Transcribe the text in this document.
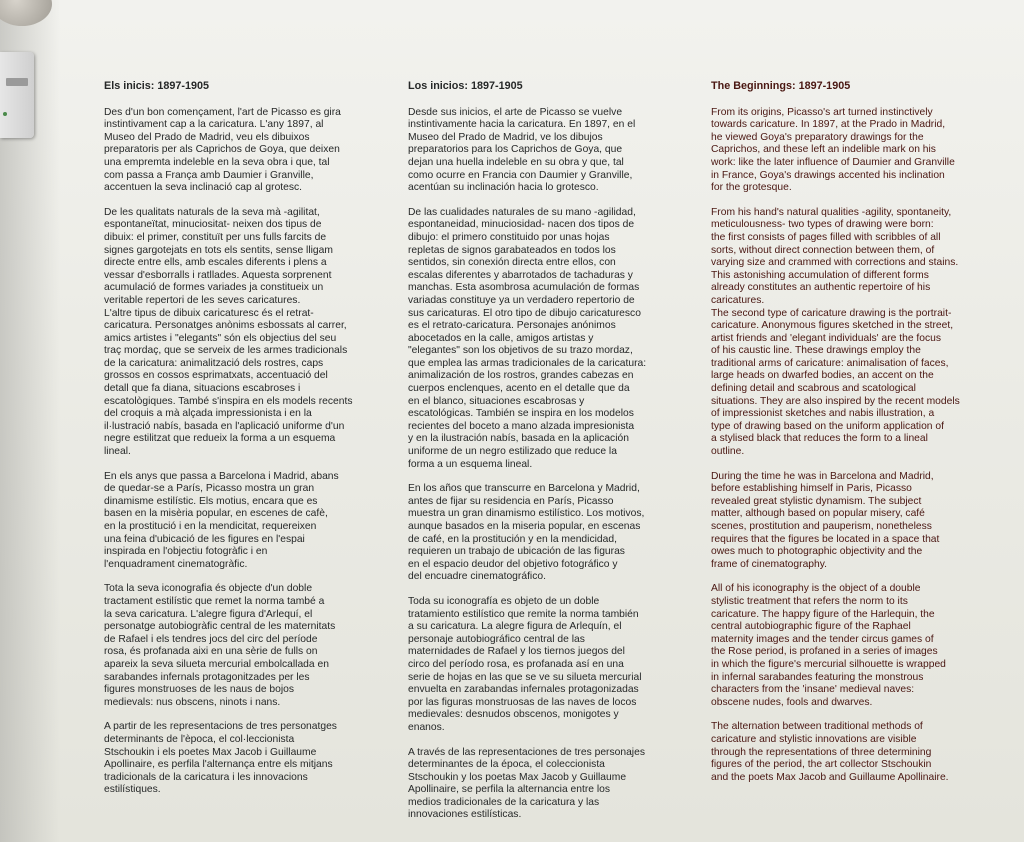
Els inicis: 1897-1905

Des d'un bon començament, l'art de Picasso es gira
instintivament cap a la caricatura. L'any 1897, al
Museo del Prado de Madrid, veu els dibuixos
preparatoris per als Caprichos de Goya, que deixen
una empremta indeleble en la seva obra i que, tal
com passa a França amb Daumier i Granville,
accentuen la seva inclinació cap al grotesc.

De les qualitats naturals de la seva mà -agilitat,
espontaneïtat, minuciositat- neixen dos tipus de
dibuix: el primer, constituït per uns fulls farcits de
signes gargotejats en tots els sentits, sense lligam
directe entre ells, amb escales diferents i plens a
vessar d'esborralls i ratllades. Aquesta sorprenent
acumulació de formes variades ja constitueix un
veritable repertori de les seves caricatures.

L'altre tipus de dibuix caricaturesc és el retrat-
caricatura. Personatges anònims esbossats al carrer,
amics artistes i "elegants" són els objectius del seu
traç mordaç, que se serveix de les armes tradicionals
de la caricatura: animalització dels rostres, caps
grossos en cossos esprimatxats, accentuació del
detall que fa diana, situacions escabroses i
escatològiques. També s'inspira en els models recents
del croquis a mà alçada impressionista i en la
il·lustració nabís, basada en l'aplicació uniforme d'un
negre estilitzat que redueix la forma a un esquema
lineal.

En els anys que passa a Barcelona i Madrid, abans
de quedar-se a París, Picasso mostra un gran
dinamisme estilístic. Els motius, encara que es
basen en la misèria popular, en escenes de cafè,
en la prostitució i en la mendicitat, requereixen
una feina d'ubicació de les figures en l'espai
inspirada en l'objectiu fotogràfic i en
l'enquadrament cinematogràfic.

Tota la seva iconografia és objecte d'un doble
tractament estilístic que remet la norma també a
la seva caricatura. L'alegre figura d'Arlequí, el
personatge autobiogràfic central de les maternitats
de Rafael i els tendres jocs del circ del període
rosa, és profanada aixi en una sèrie de fulls on
apareix la seva silueta mercurial embolcallada en
sarabandes infernals protagonitzades per les
figures monstruoses de les naus de bojos
medievals: nus obscens, ninots i nans.

A partir de les representacions de tres personatges
determinants de l'època, el col·leccionista
Stschoukin i els poetes Max Jacob i Guillaume
Apollinaire, es perfila l'alternança entre els mitjans
tradicionals de la caricatura i les innovacions
estilístiques.

Los inicios: 1897-1905

Desde sus inicios, el arte de Picasso se vuelve
instintivamente hacia la caricatura. En 1897, en el
Museo del Prado de Madrid, ve los dibujos
preparatorios para los Caprichos de Goya, que
dejan una huella indeleble en su obra y que, tal
como ocurre en Francia con Daumier y Granville,
acentúan su inclinación hacia lo grotesco.

De las cualidades naturales de su mano -agilidad,
espontaneidad, minuciosidad- nacen dos tipos de
dibujo: el primero constituido por unas hojas
repletas de signos garabateados en todos los
sentidos, sin conexión directa entre ellos, con
escalas diferentes y abarrotados de tachaduras y
manchas. Esta asombrosa acumulación de formas
variadas constituye ya un verdadero repertorio de
sus caricaturas. El otro tipo de dibujo caricaturesco
es el retrato-caricatura. Personajes anónimos
abocetados en la calle, amigos artistas y
"elegantes" son los objetivos de su trazo mordaz,
que emplea las armas tradicionales de la caricatura:
animalización de los rostros, grandes cabezas en
cuerpos enclenques, acento en el detalle que da
en el blanco, situaciones escabrosas y
escatológicas. También se inspira en los modelos
recientes del boceto a mano alzada impresionista
y en la ilustración nabís, basada en la aplicación
uniforme de un negro estilizado que reduce la
forma a un esquema lineal.

En los años que transcurre en Barcelona y Madrid,
antes de fijar su residencia en París, Picasso
muestra un gran dinamismo estilístico. Los motivos,
aunque basados en la miseria popular, en escenas
de café, en la prostitución y en la mendicidad,
requieren un trabajo de ubicación de las figuras
en el espacio deudor del objetivo fotográfico y
del encuadre cinematográfico.

Toda su iconografía es objeto de un doble
tratamiento estilístico que remite la norma también
a su caricatura. La alegre figura de Arlequín, el
personaje autobiográfico central de las
maternidades de Rafael y los tiernos juegos del
circo del período rosa, es profanada así en una
serie de hojas en las que se ve su silueta mercurial
envuelta en zarabandas infernales protagonizadas
por las figuras monstruosas de las naves de locos
medievales: desnudos obscenos, monigotes y
enanos.

A través de las representaciones de tres personajes
determinantes de la época, el coleccionista
Stschoukin y los poetas Max Jacob y Guillaume
Apollinaire, se perfila la alternancia entre los
medios tradicionales de la caricatura y las
innovaciones estilísticas.

The Beginnings: 1897-1905

From its origins, Picasso's art turned instinctively
towards caricature. In 1897, at the Prado in Madrid,
he viewed Goya's preparatory drawings for the
Caprichos, and these left an indelible mark on his
work: like the later influence of Daumier and Granville
in France, Goya's drawings accented his inclination
for the grotesque.

From his hand's natural qualities -agility, spontaneity,
meticulousness- two types of drawing were born:
the first consists of pages filled with scribbles of all
sorts, without direct connection between them, of
varying size and crammed with corrections and stains.
This astonishing accumulation of different forms
already constitutes an authentic repertoire of his
caricatures.

The second type of caricature drawing is the portrait-
caricature. Anonymous figures sketched in the street,
artist friends and 'elegant individuals' are the focus
of his caustic line. These drawings employ the
traditional arms of caricature: animalisation of faces,
large heads on dwarfed bodies, an accent on the
defining detail and scabrous and scatological
situations. They are also inspired by the recent models
of impressionist sketches and nabis illustration, a
type of drawing based on the uniform application of
a stylised black that reduces the form to a lineal
outline.

During the time he was in Barcelona and Madrid,
before establishing himself in Paris, Picasso
revealed great stylistic dynamism. The subject
matter, although based on popular misery, café
scenes, prostitution and pauperism, nonetheless
requires that the figures be located in a space that
owes much to photographic objectivity and the
frame of cinematography.

All of his iconography is the object of a double
stylistic treatment that refers the norm to its
caricature. The happy figure of the Harlequin, the
central autobiographic figure of the Raphael
maternity images and the tender circus games of
the Rose period, is profaned in a series of images
in which the figure's mercurial silhouette is wrapped
in infernal sarabandes featuring the monstrous
characters from the 'insane' medieval naves:
obscene nudes, fools and dwarves.

The alternation between traditional methods of
caricature and stylistic innovations are visible
through the representations of three determining
figures of the period, the art collector Stschoukin
and the poets Max Jacob and Guillaume Apollinaire.
